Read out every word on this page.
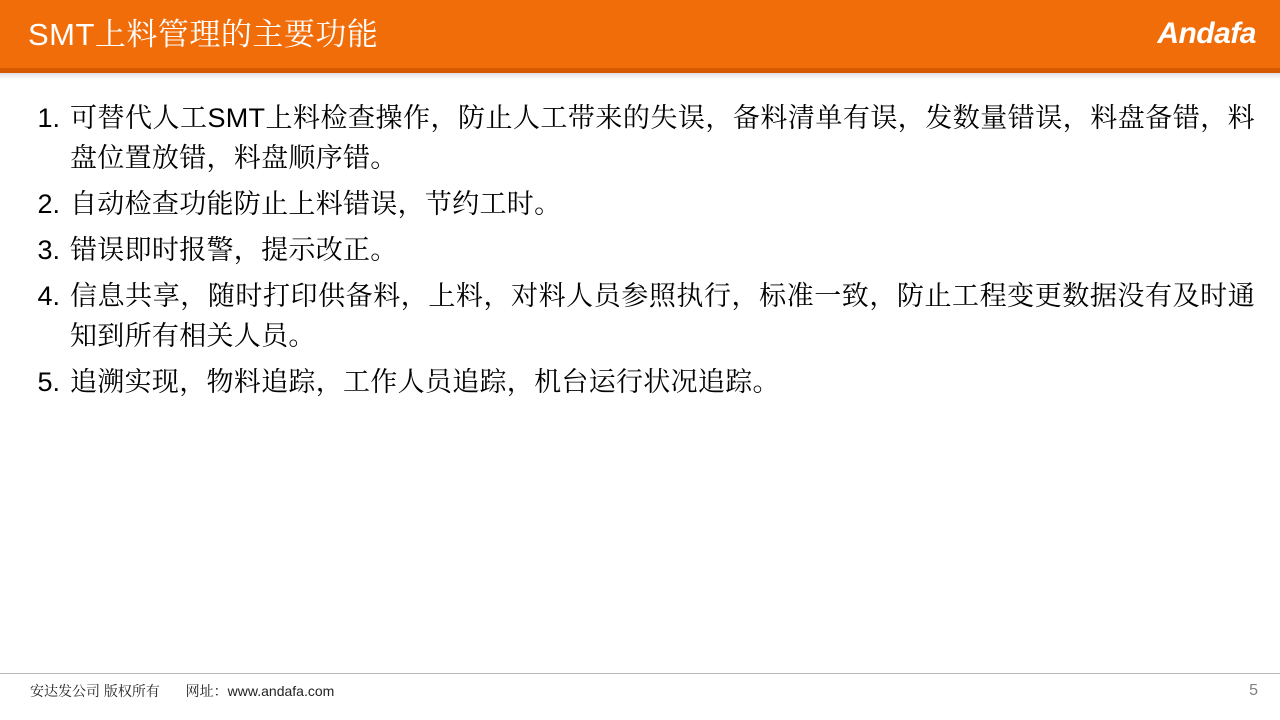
SMT上料管理的主要功能	Andafa
1. 可替代人工SMT上料检查操作，防止人工带来的失误，备料清单有误，发数量错误，料盘备错，料盘位置放错，料盘顺序错。
2. 自动检查功能防止上料错误，节约工时。
3. 错误即时报警，提示改正。
4. 信息共享，随时打印供备料，上料，对料人员参照执行，标准一致，防止工程变更数据没有及时通知到所有相关人员。
5. 追溯实现，物料追踪，工作人员追踪，机台运行状况追踪。
安达发公司 版权所有 网址：www.andafa.com	5
